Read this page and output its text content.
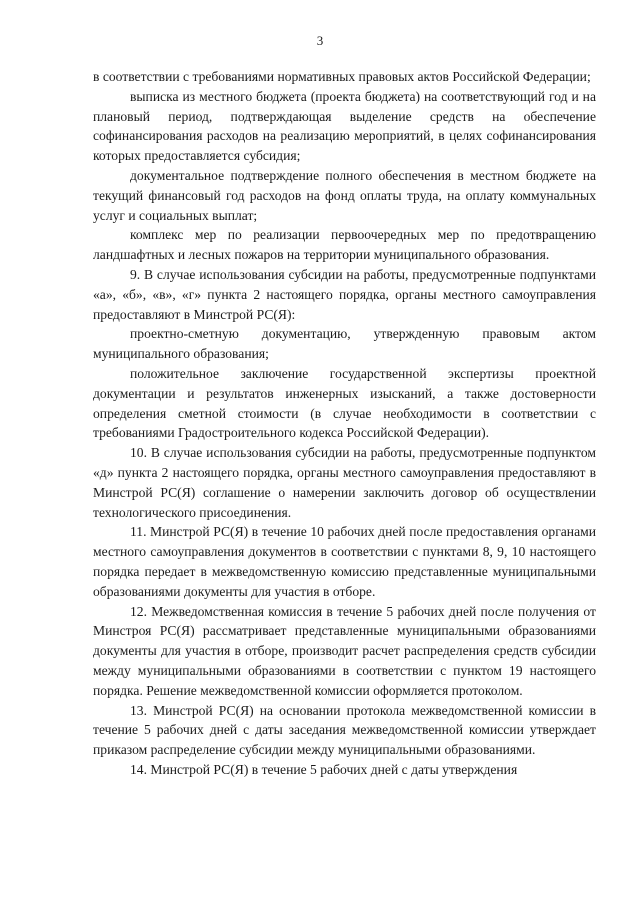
3

в соответствии с требованиями нормативных правовых актов Российской Федерации;

выписка из местного бюджета (проекта бюджета) на соответствующий год и на плановый период, подтверждающая выделение средств на обеспечение софинансирования расходов на реализацию мероприятий, в целях софинансирования которых предоставляется субсидия;

документальное подтверждение полного обеспечения в местном бюджете на текущий финансовый год расходов на фонд оплаты труда, на оплату коммунальных услуг и социальных выплат;

комплекс мер по реализации первоочередных мер по предотвращению ландшафтных и лесных пожаров на территории муниципального образования.

9. В случае использования субсидии на работы, предусмотренные подпунктами «а», «б», «в», «г» пункта 2 настоящего порядка, органы местного самоуправления предоставляют в Минстрой РС(Я):

проектно-сметную документацию, утвержденную правовым актом муниципального образования;

положительное заключение государственной экспертизы проектной документации и результатов инженерных изысканий, а также достоверности определения сметной стоимости (в случае необходимости в соответствии с требованиями Градостроительного кодекса Российской Федерации).

10. В случае использования субсидии на работы, предусмотренные подпунктом «д» пункта 2 настоящего порядка, органы местного самоуправления предоставляют в Минстрой РС(Я) соглашение о намерении заключить договор об осуществлении технологического присоединения.

11. Минстрой РС(Я) в течение 10 рабочих дней после предоставления органами местного самоуправления документов в соответствии с пунктами 8, 9, 10 настоящего порядка передает в межведомственную комиссию представленные муниципальными образованиями документы для участия в отборе.

12. Межведомственная комиссия в течение 5 рабочих дней после получения от Минстроя РС(Я) рассматривает представленные муниципальными образованиями документы для участия в отборе, производит расчет распределения средств субсидии между муниципальными образованиями в соответствии с пунктом 19 настоящего порядка. Решение межведомственной комиссии оформляется протоколом.

13. Минстрой РС(Я) на основании протокола межведомственной комиссии в течение 5 рабочих дней с даты заседания межведомственной комиссии утверждает приказом распределение субсидии между муниципальными образованиями.

14. Минстрой РС(Я) в течение 5 рабочих дней с даты утверждения
